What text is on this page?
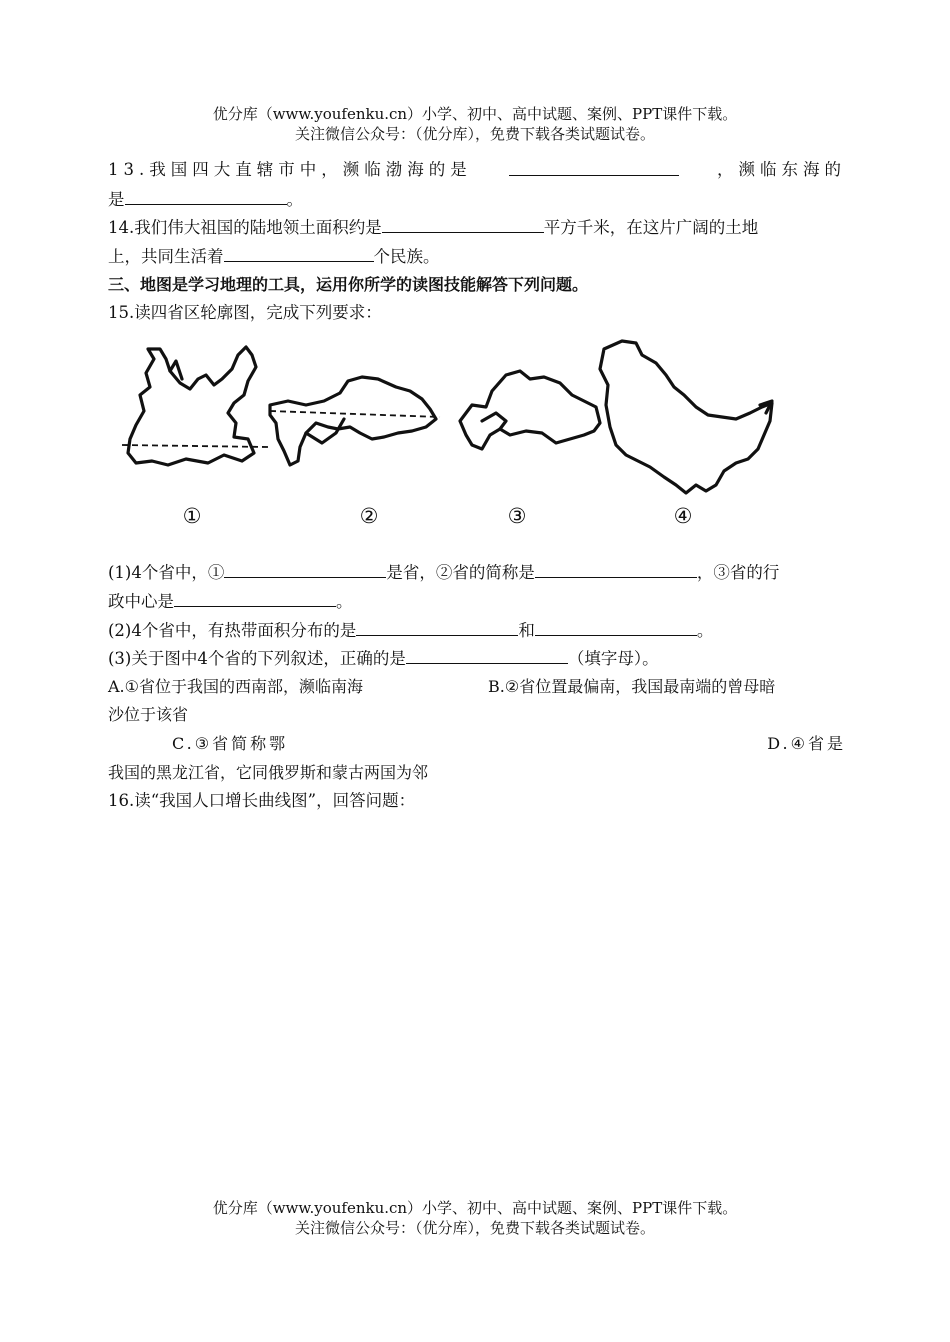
优分库（www.youfenku.cn）小学、初中、高中试题、案例、PPT课件下载。
关注微信公众号：（优分库），免费下载各类试题试卷。
13.我国四大直辖市中，濒临渤海的是	，濒临东海的
是	。
14.我们伟大祖国的陆地领土面积约是	平方千米，在这片广阔的土地
上，共同生活着	个民族。
三、地图是学习地理的工具，运用你所学的读图技能解答下列问题。
15.读四省区轮廓图，完成下列要求：
①	②	③	④
(1)4个省中，①	是省，②省的简称是	，③省的行
政中心是	。
(2)4个省中，有热带面积分布的是	和	。
(3)关于图中4个省的下列叙述，正确的是	（填字母）。
A.①省位于我国的西南部，濒临南海	B.②省位置最偏南，我国最南端的曾母暗
沙位于该省
C.③省简称鄂	D.④省是
我国的黑龙江省，它同俄罗斯和蒙古两国为邻
16.读“我国人口增长曲线图”，回答问题：
优分库（www.youfenku.cn）小学、初中、高中试题、案例、PPT课件下载。
关注微信公众号：（优分库），免费下载各类试题试卷。
